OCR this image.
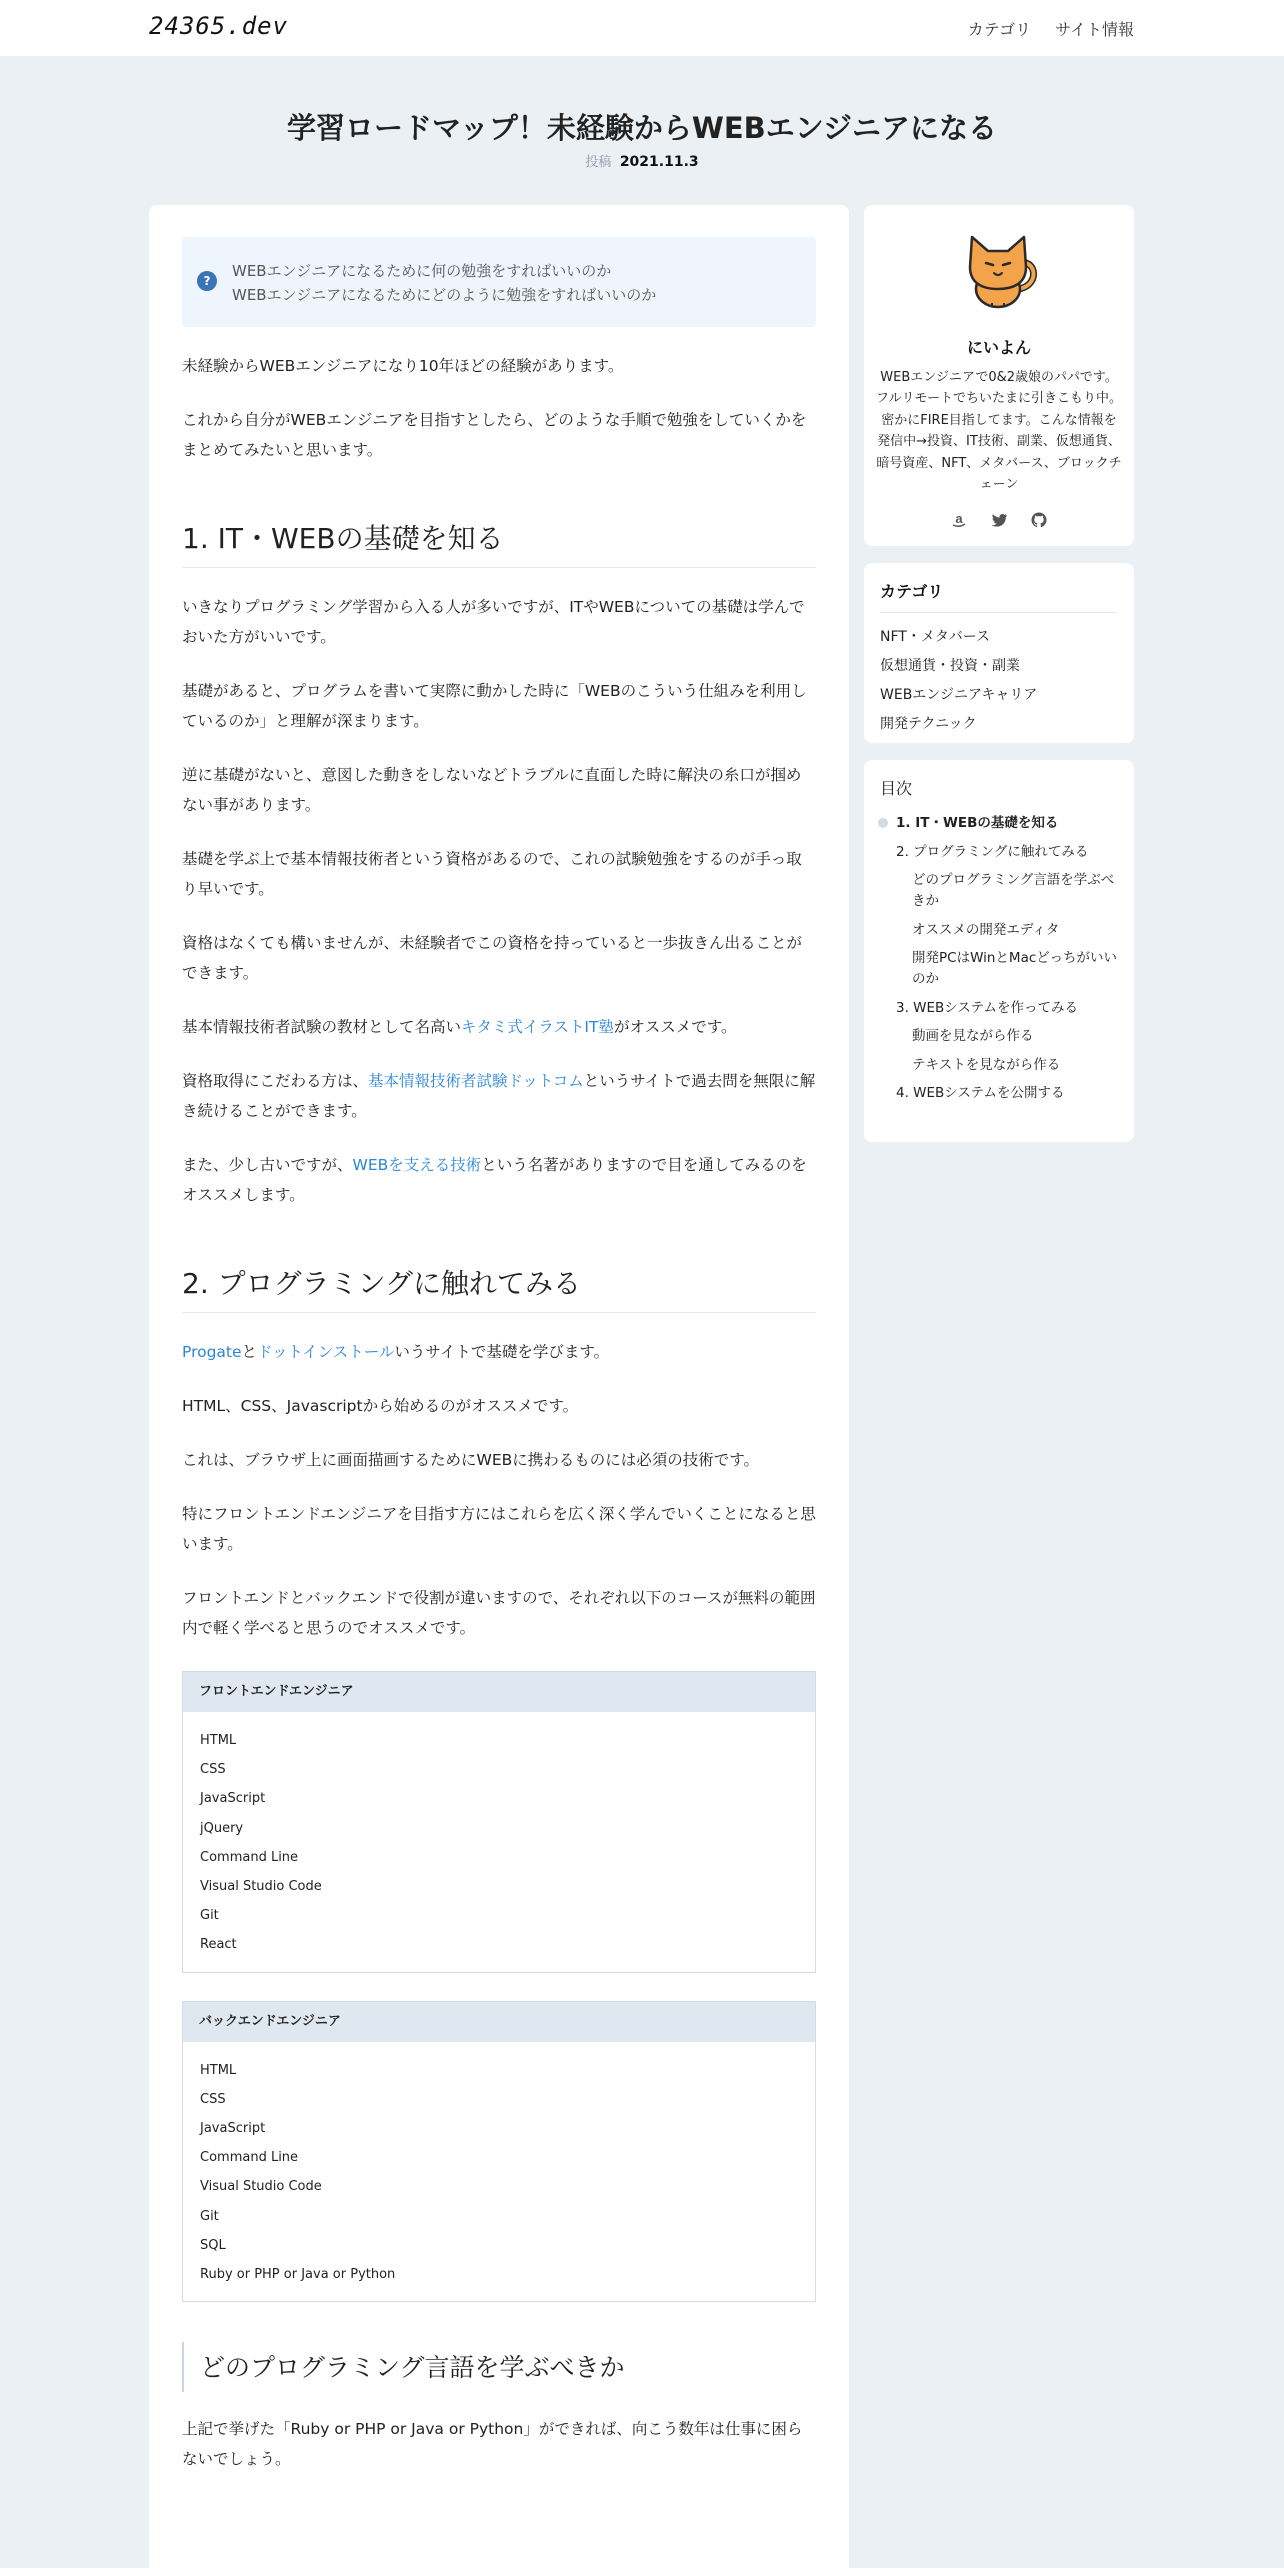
24365.dev	カテゴリ サイト情報
学習ロードマップ！未経験からWEBエンジニアになる
投稿 2021.11.3
?

WEBエンジニアになるために何の勉強をすればいいのか

WEBエンジニアになるためにどのように勉強をすればいいのか

未経験からWEBエンジニアになり10年ほどの経験があります。

これから自分がWEBエンジニアを目指すとしたら、どのような手順で勉強をしていくかをまとめてみたいと思います。

1. IT・WEBの基礎を知る

いきなりプログラミング学習から入る人が多いですが、ITやWEBについての基礎は学んでおいた方がいいです。

基礎があると、プログラムを書いて実際に動かした時に「WEBのこういう仕組みを利用しているのか」と理解が深まります。

逆に基礎がないと、意図した動きをしないなどトラブルに直面した時に解決の糸口が掴めない事があります。

基礎を学ぶ上で基本情報技術者という資格があるので、これの試験勉強をするのが手っ取り早いです。

資格はなくても構いませんが、未経験者でこの資格を持っていると一歩抜きん出ることができます。

基本情報技術者試験の教材として名高いキタミ式イラストIT塾がオススメです。

資格取得にこだわる方は、基本情報技術者試験ドットコムというサイトで過去問を無限に解き続けることができます。

また、少し古いですが、WEBを支える技術という名著がありますので目を通してみるのをオススメします。

2. プログラミングに触れてみる

Progateとドットインストールいうサイトで基礎を学びます。

HTML、CSS、Javascriptから始めるのがオススメです。

これは、ブラウザ上に画面描画するためにWEBに携わるものには必須の技術です。

特にフロントエンドエンジニアを目指す方にはこれらを広く深く学んでいくことになると思います。

フロントエンドとバックエンドで役割が違いますので、それぞれ以下のコースが無料の範囲内で軽く学べると思うのでオススメです。

フロントエンドエンジニア
HTML
CSS
JavaScript
jQuery
Command Line
Visual Studio Code
Git
React
バックエンドエンジニア
HTML
CSS
JavaScript
Command Line
Visual Studio Code
Git
SQL
Ruby or PHP or Java or Python
どのプログラミング言語を学ぶべきか

上記で挙げた「Ruby or PHP or Java or Python」ができれば、向こう数年は仕事に困らないでしょう。

にいよん
WEBエンジニアで0&2歳娘のパパです。フルリモートでちいたまに引きこもり中。密かにFIRE目指してます。こんな情報を発信中→投資、IT技術、副業、仮想通貨、暗号資産、NFT、メタバース、ブロックチェーン
a
カテゴリ
NFT・メタバース
仮想通貨・投資・副業
WEBエンジニアキャリア
開発テクニック
目次
1. IT・WEBの基礎を知る
2. プログラミングに触れてみる
どのプログラミング言語を学ぶべきか
オススメの開発エディタ
開発PCはWinとMacどっちがいいのか
3. WEBシステムを作ってみる
動画を見ながら作る
テキストを見ながら作る
4. WEBシステムを公開する
